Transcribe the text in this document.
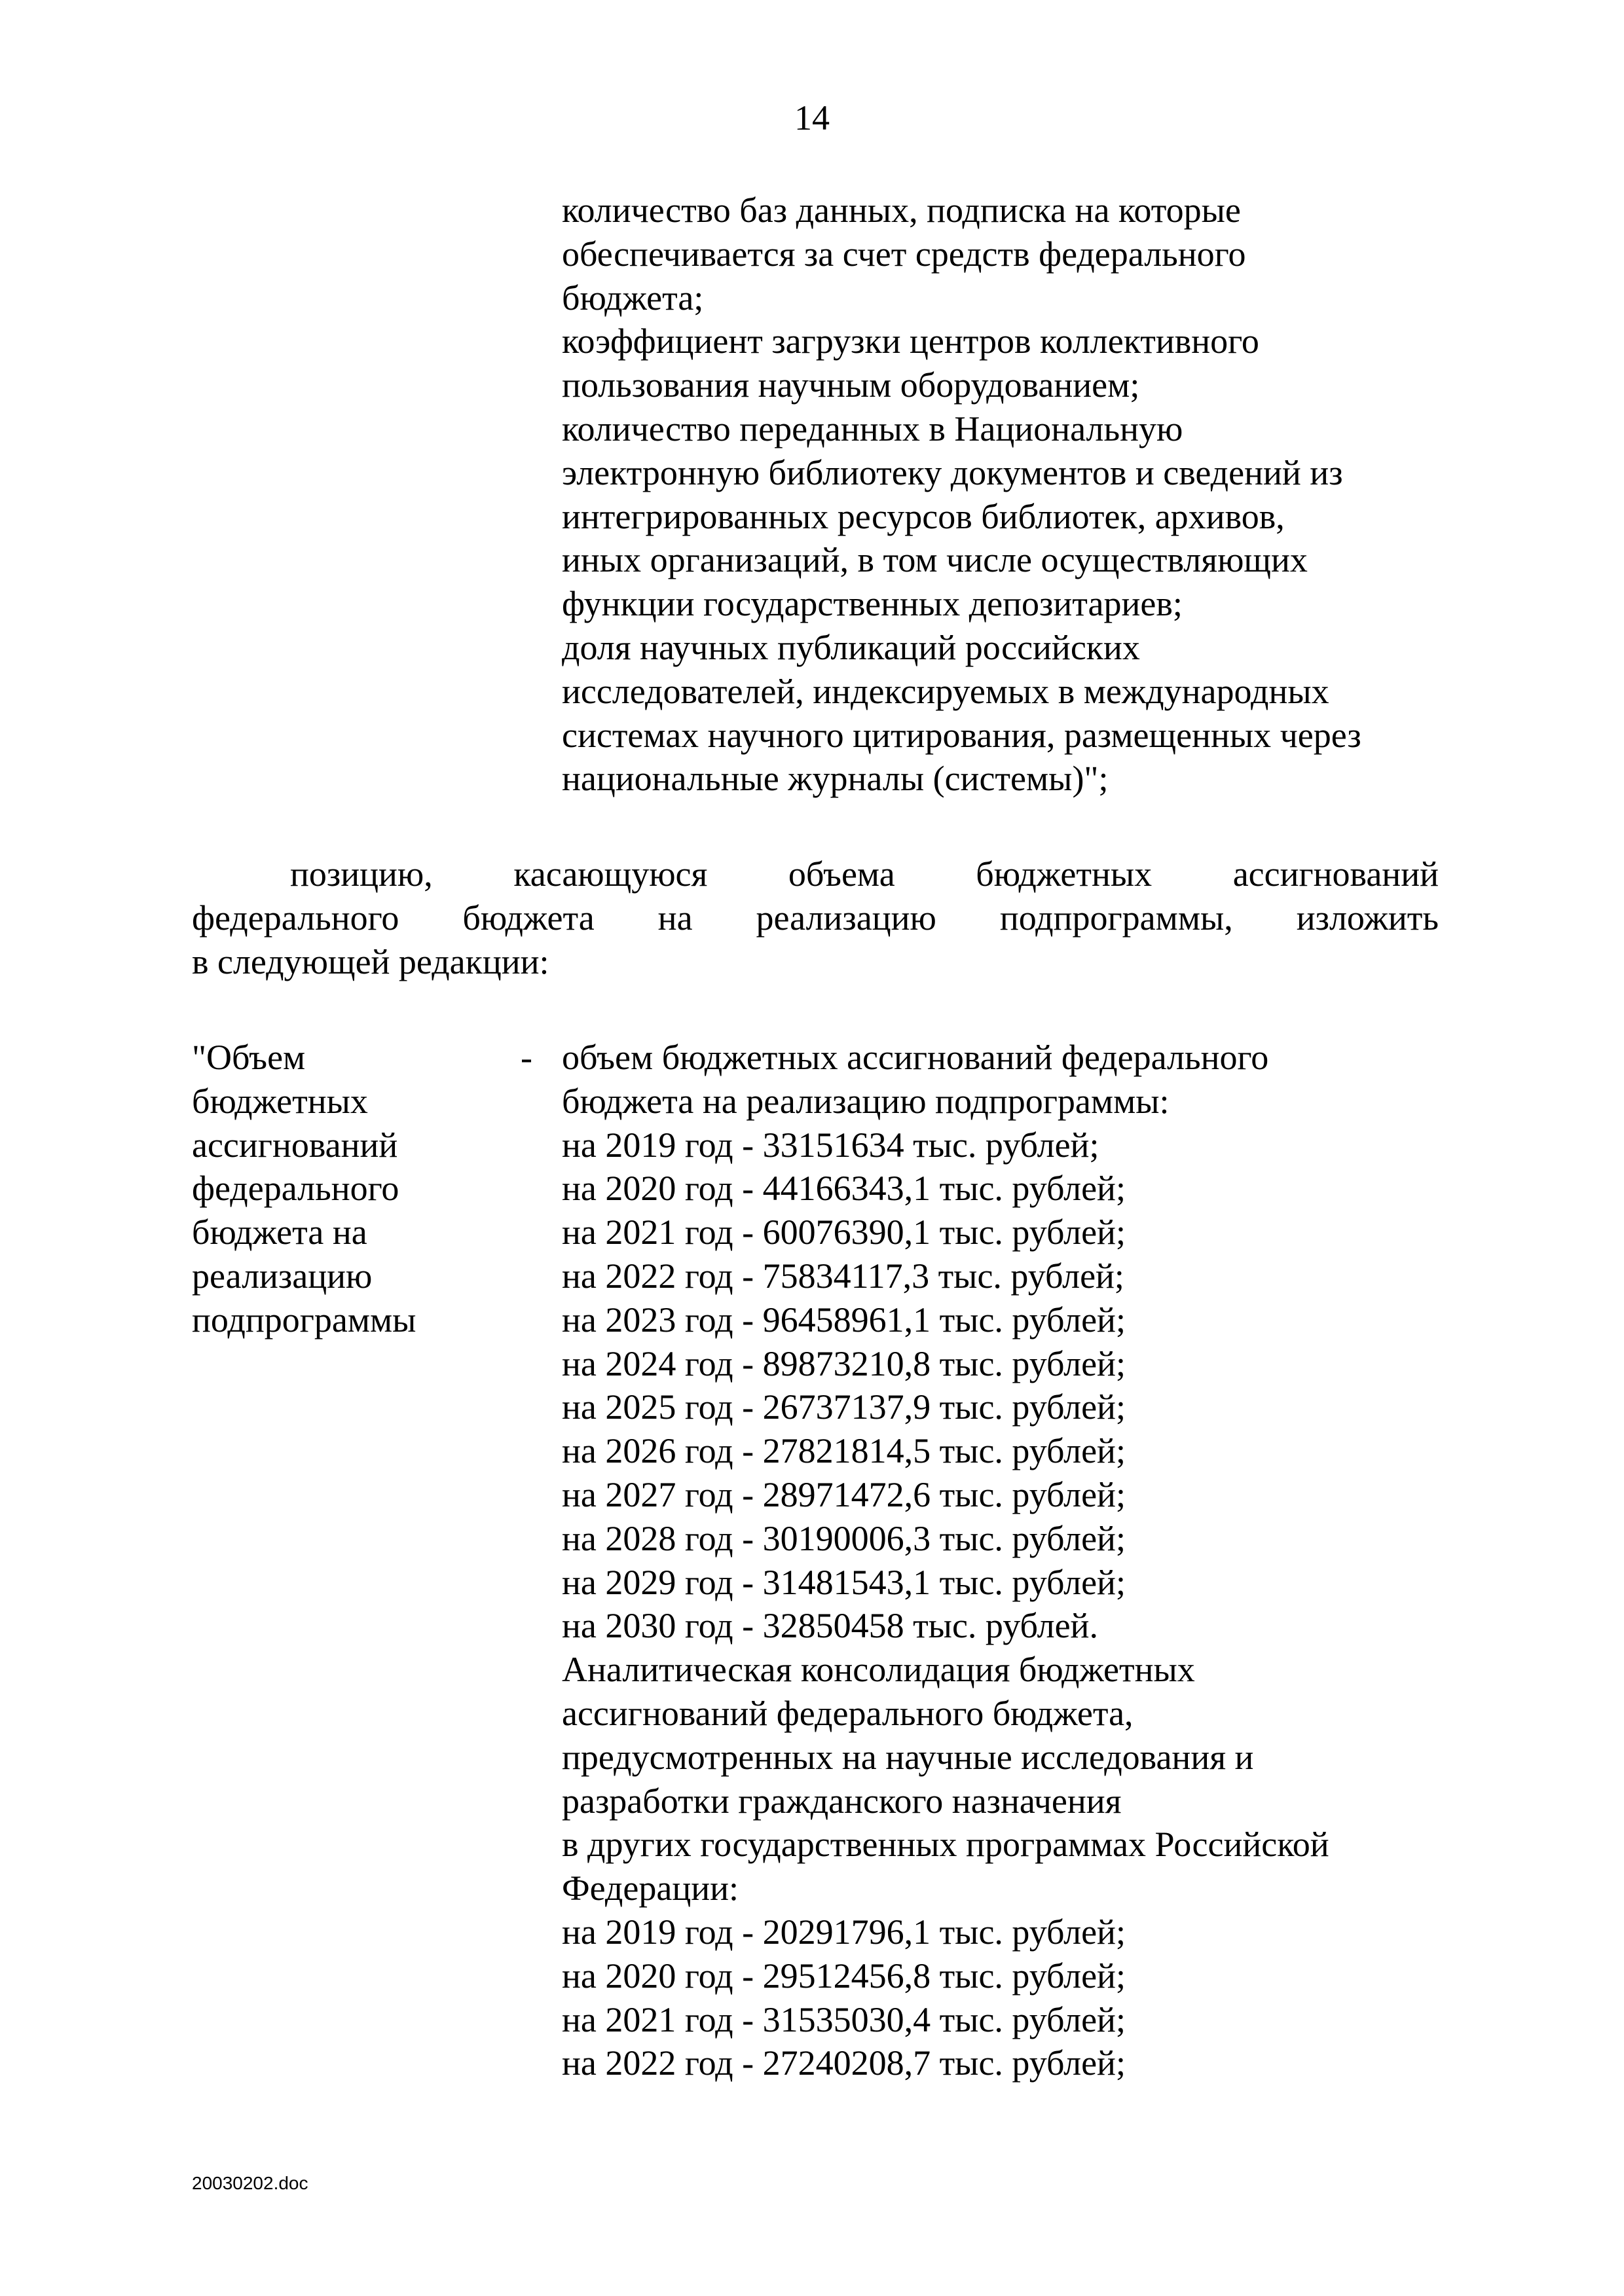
14
количество баз данных, подписка на которые
обеспечивается за счет средств федерального
бюджета;
коэффициент загрузки центров коллективного
пользования научным оборудованием;
количество переданных в Национальную
электронную библиотеку документов и сведений из
интегрированных ресурсов библиотек, архивов,
иных организаций, в том числе осуществляющих
функции государственных депозитариев;
доля научных публикаций российских
исследователей, индексируемых в международных
системах научного цитирования, размещенных через
национальные журналы (системы)";
позицию, касающуюся объема бюджетных ассигнований
федерального бюджета на реализацию подпрограммы, изложить
в следующей редакции:
"Объем
бюджетных
ассигнований
федерального
бюджета на
реализацию
подпрограммы
- объем бюджетных ассигнований федерального
бюджета на реализацию подпрограммы:
на 2019 год - 33151634 тыс. рублей;
на 2020 год - 44166343,1 тыс. рублей;
на 2021 год - 60076390,1 тыс. рублей;
на 2022 год - 75834117,3 тыс. рублей;
на 2023 год - 96458961,1 тыс. рублей;
на 2024 год - 89873210,8 тыс. рублей;
на 2025 год - 26737137,9 тыс. рублей;
на 2026 год - 27821814,5 тыс. рублей;
на 2027 год - 28971472,6 тыс. рублей;
на 2028 год - 30190006,3 тыс. рублей;
на 2029 год - 31481543,1 тыс. рублей;
на 2030 год - 32850458 тыс. рублей.
Аналитическая консолидация бюджетных
ассигнований федерального бюджета,
предусмотренных на научные исследования и
разработки гражданского назначения
в других государственных программах Российской
Федерации:
на 2019 год - 20291796,1 тыс. рублей;
на 2020 год - 29512456,8 тыс. рублей;
на 2021 год - 31535030,4 тыс. рублей;
на 2022 год - 27240208,7 тыс. рублей;
20030202.doc
